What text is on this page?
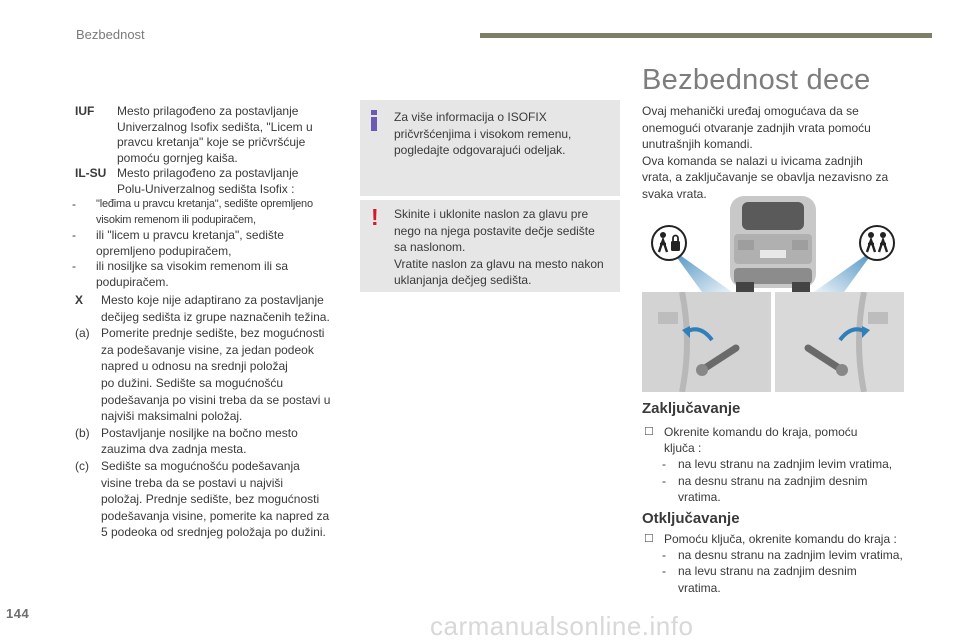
Bezbednost
IUF	Mesto prilagođeno za postavljanje
Univerzalnog Isofix sedišta, "Licem u
pravcu kretanja" koje se pričvršćuje
pomoću gornjeg kaiša.
IL-SU Mesto prilagođeno za postavljanje
Polu-Univerzalnog sedišta Isofix :
-	"leđima u pravcu kretanja", sedište opremljeno
visokim remenom ili podupiračem,
-	ili "licem u pravcu kretanja", sedište
opremljeno podupiračem,
-	ili nosiljke sa visokim remenom ili sa
podupiračem.
X	Mesto koje nije adaptirano za postavljanje
dečijeg sedišta iz grupe naznačenih težina.
(a) Pomerite prednje sedište, bez mogućnosti
za podešavanje visine, za jedan podeok
napred u odnosu na srednji položaj
po dužini. Sedište sa mogućnošću
podešavanja po visini treba da se postavi u
najviši maksimalni položaj.
(b) Postavljanje nosiljke na bočno mesto
zauzima dva zadnja mesta.
(c)	Sedište sa mogućnošću podešavanja
visine treba da se postavi u najviši
položaj. Prednje sedište, bez mogućnosti
podešavanja visine, pomerite ka napred za
5 podeoka od srednjeg položaja po dužini.
Za više informacija o ISOFIX
pričvršćenjima i visokom remenu,
pogledajte odgovarajući odeljak.
! Skinite i uklonite naslon za glavu pre
nego na njega postavite dečje sedište
sa naslonom.
Vratite naslon za glavu na mesto nakon
uklanjanja dečjeg sedišta.
Bezbednost dece
Ovaj mehanički uređaj omogućava da se
onemogući otvaranje zadnjih vrata pomoću
unutrašnjih komandi.
Ova komanda se nalazi u ivicama zadnjih
vrata, a zaključavanje se obavlja nezavisno za
svaka vrata.
Zaključavanje
☐ Okrenite komandu do kraja, pomoću
ključa :
-	na levu stranu na zadnjim levim vratima,
-	na desnu stranu na zadnjim desnim
vratima.
Otključavanje
☐ Pomoću ključa, okrenite komandu do kraja :
-	na desnu stranu na zadnjim levim vratima,
-	na levu stranu na zadnjim desnim
vratima.
144	carmanualsonline.info
